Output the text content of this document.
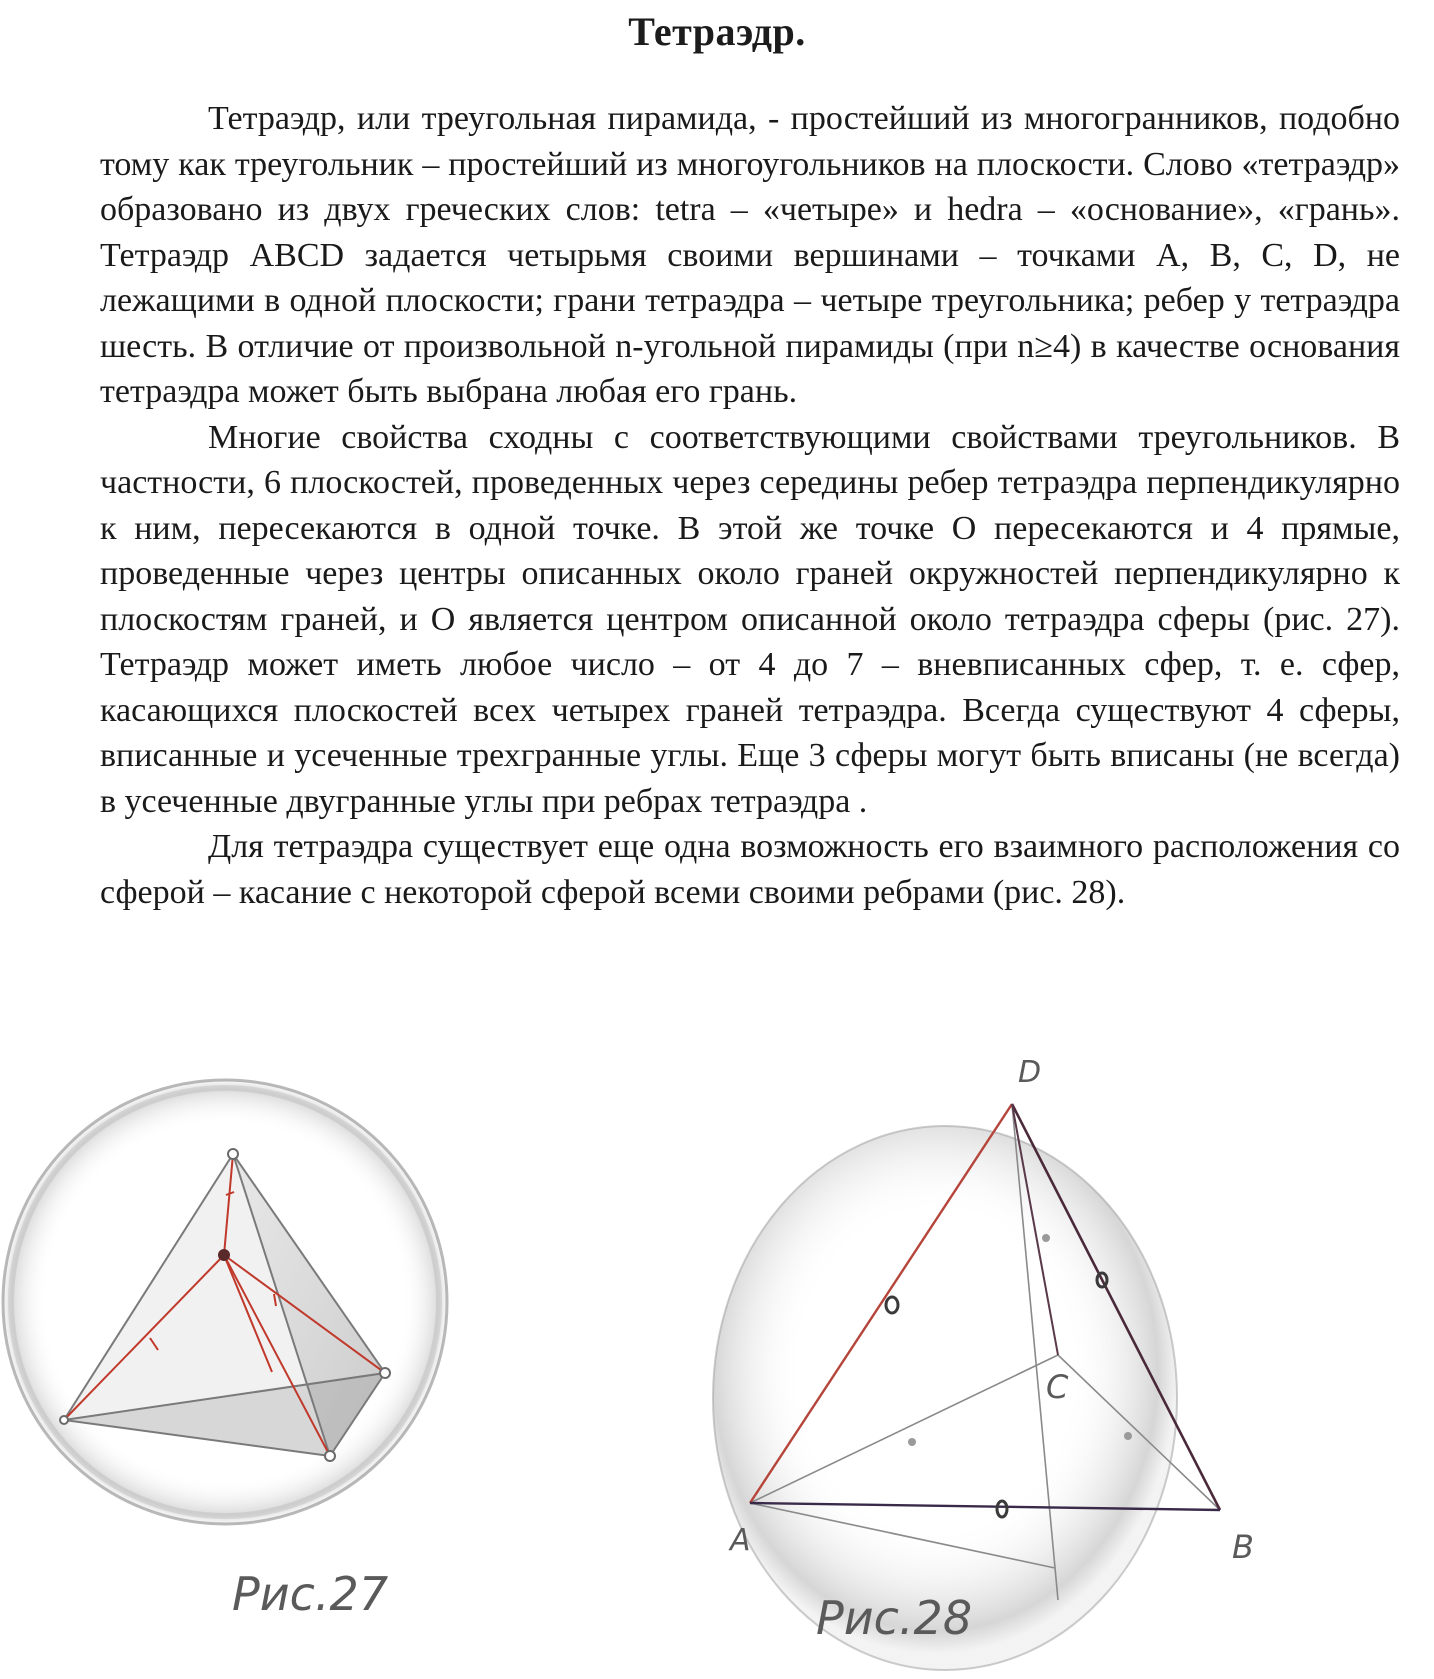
Тетраэдр.

Тетраэдр, или треугольная пирамида, - простейший из многогранников, подобно тому как треугольник – простейший из многоугольников на плоскости. Слово «тетраэдр» образовано из двух греческих слов: tetra – «четыре» и hedra – «основание», «грань». Тетраэдр ABCD задается четырьмя своими вершинами – точками A, B, C, D, не лежащими в одной плоскости; грани тетраэдра – четыре треугольника; ребер у тетраэдра шесть. В отличие от произвольной n-угольной пирамиды (при n≥4) в качестве основания тетраэдра может быть выбрана любая его грань.

Многие свойства сходны с соответствующими свойствами треугольников. В частности, 6 плоскостей, проведенных через середины ребер тетраэдра перпендикулярно к ним, пересекаются в одной точке. В этой же точке O пересекаются и 4 прямые, проведенные через центры описанных около граней окружностей перпендикулярно к плоскостям граней, и O является центром описанной около тетраэдра сферы (рис. 27). Тетраэдр может иметь любое число – от 4 до 7 – вневписанных сфер, т. е. сфер, касающихся плоскостей всех четырех граней тетраэдра. Всегда существуют 4 сферы, вписанные и усеченные трехгранные углы. Еще 3 сферы могут быть вписаны (не всегда) в усеченные двугранные углы при ребрах тетраэдра .

Для тетраэдра существует еще одна возможность его взаимного расположения со сферой – касание с некоторой сферой всеми своими ребрами (рис. 28).

Рис.27
D
C
A	B
Рис.28
